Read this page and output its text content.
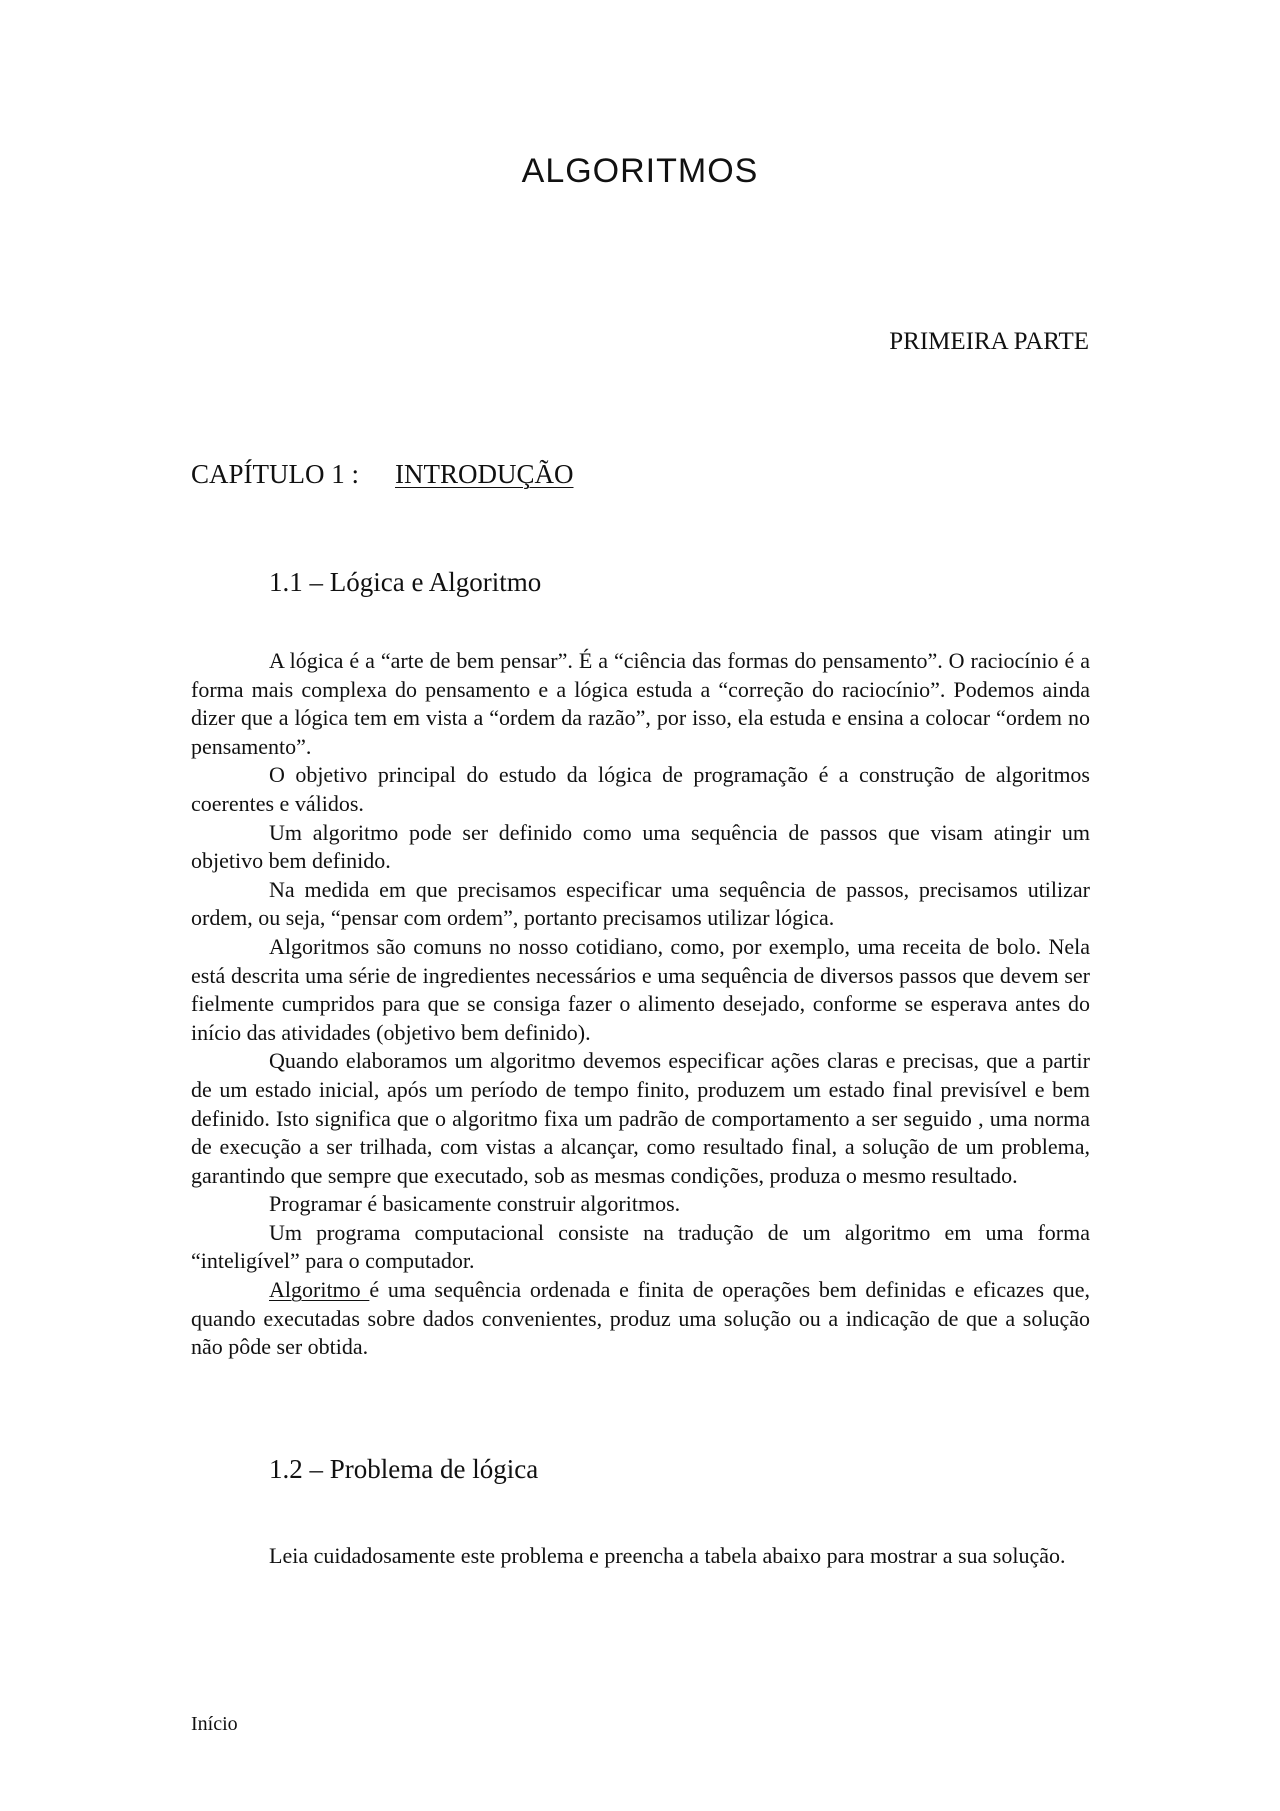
ALGORITMOS
PRIMEIRA PARTE
CAPÍTULO 1 : INTRODUÇÃO
1.1 – Lógica e Algoritmo

A lógica é a “arte de bem pensar”. É a “ciência das formas do pensamento”. O raciocínio é a forma mais complexa do pensamento e a lógica estuda a “correção do raciocínio”. Podemos ainda dizer que a lógica tem em vista a “ordem da razão”, por isso, ela estuda e ensina a colocar “ordem no pensamento”.

O objetivo principal do estudo da lógica de programação é a construção de algoritmos coerentes e válidos.

Um algoritmo pode ser definido como uma sequência de passos que visam atingir um objetivo bem definido.

Na medida em que precisamos especificar uma sequência de passos, precisamos utilizar ordem, ou seja, “pensar com ordem”, portanto precisamos utilizar lógica.

Algoritmos são comuns no nosso cotidiano, como, por exemplo, uma receita de bolo. Nela está descrita uma série de ingredientes necessários e uma sequência de diversos passos que devem ser fielmente cumpridos para que se consiga fazer o alimento desejado, conforme se esperava antes do início das atividades (objetivo bem definido).

Quando elaboramos um algoritmo devemos especificar ações claras e precisas, que a partir de um estado inicial, após um período de tempo finito, produzem um estado final previsível e bem definido. Isto significa que o algoritmo fixa um padrão de comportamento a ser seguido , uma norma de execução a ser trilhada, com vistas a alcançar, como resultado final, a solução de um problema, garantindo que sempre que executado, sob as mesmas condições, produza o mesmo resultado.

Programar é basicamente construir algoritmos.

Um programa computacional consiste na tradução de um algoritmo em uma forma “inteligível” para o computador.

Algoritmo é uma sequência ordenada e finita de operações bem definidas e eficazes que, quando executadas sobre dados convenientes, produz uma solução ou a indicação de que a solução não pôde ser obtida.

1.2 – Problema de lógica

Leia cuidadosamente este problema e preencha a tabela abaixo para mostrar a sua solução.

Início
